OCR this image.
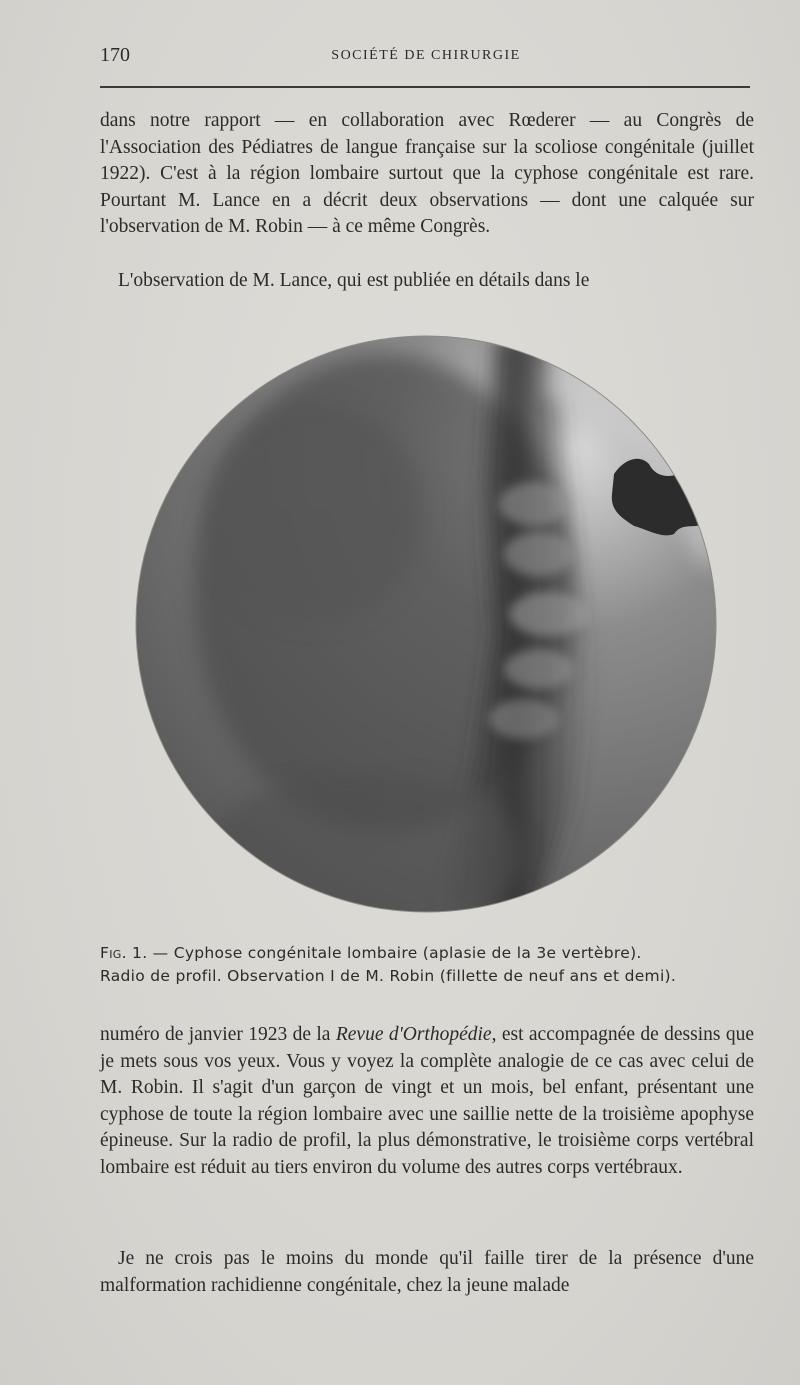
170	SOCIÉTÉ DE CHIRURGIE

dans notre rapport — en collaboration avec Rœderer — au Congrès de l'Association des Pédiatres de langue française sur la scoliose congénitale (juillet 1922). C'est à la région lombaire surtout que la cyphose congénitale est rare. Pourtant M. Lance en a décrit deux observations — dont une calquée sur l'observation de M. Robin — à ce même Congrès.

L'observation de M. Lance, qui est publiée en détails dans le

Fig. 1. — Cyphose congénitale lombaire (aplasie de la 3e vertèbre).
Radio de profil. Observation I de M. Robin (fillette de neuf ans et demi).

numéro de janvier 1923 de la Revue d'Orthopédie, est accompagnée de dessins que je mets sous vos yeux. Vous y voyez la complète analogie de ce cas avec celui de M. Robin. Il s'agit d'un garçon de vingt et un mois, bel enfant, présentant une cyphose de toute la région lombaire avec une saillie nette de la troisième apophyse épineuse. Sur la radio de profil, la plus démonstrative, le troisième corps vertébral lombaire est réduit au tiers environ du volume des autres corps vertébraux.

Je ne crois pas le moins du monde qu'il faille tirer de la présence d'une malformation rachidienne congénitale, chez la jeune malade
